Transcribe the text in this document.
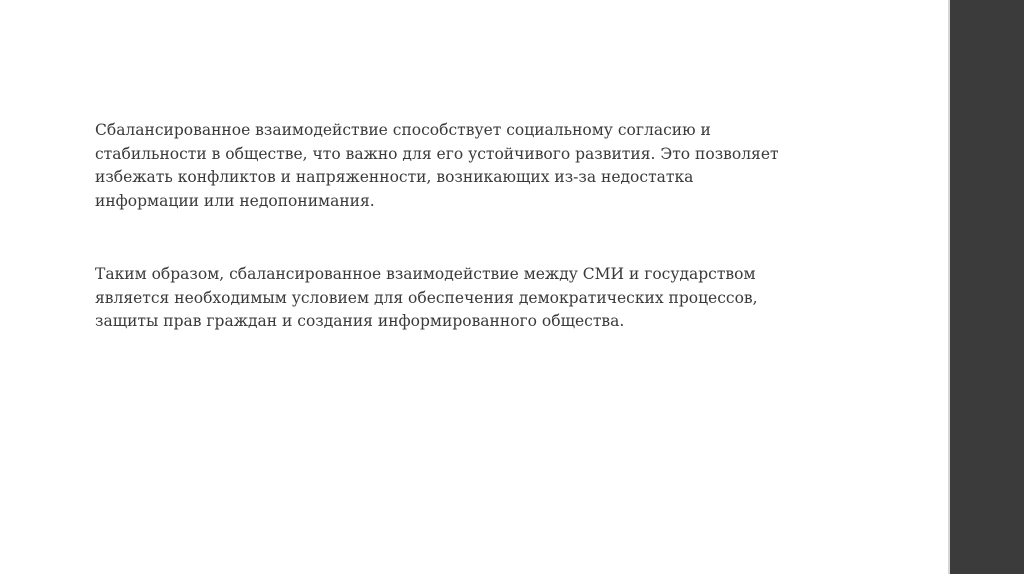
Сбалансированное взаимодействие способствует социальному согласию и
стабильности в обществе, что важно для его устойчивого развития. Это позволяет
избежать конфликтов и напряженности, возникающих из-за недостатка
информации или недопонимания.

Таким образом, сбалансированное взаимодействие между СМИ и государством
является необходимым условием для обеспечения демократических процессов,
защиты прав граждан и создания информированного общества.
